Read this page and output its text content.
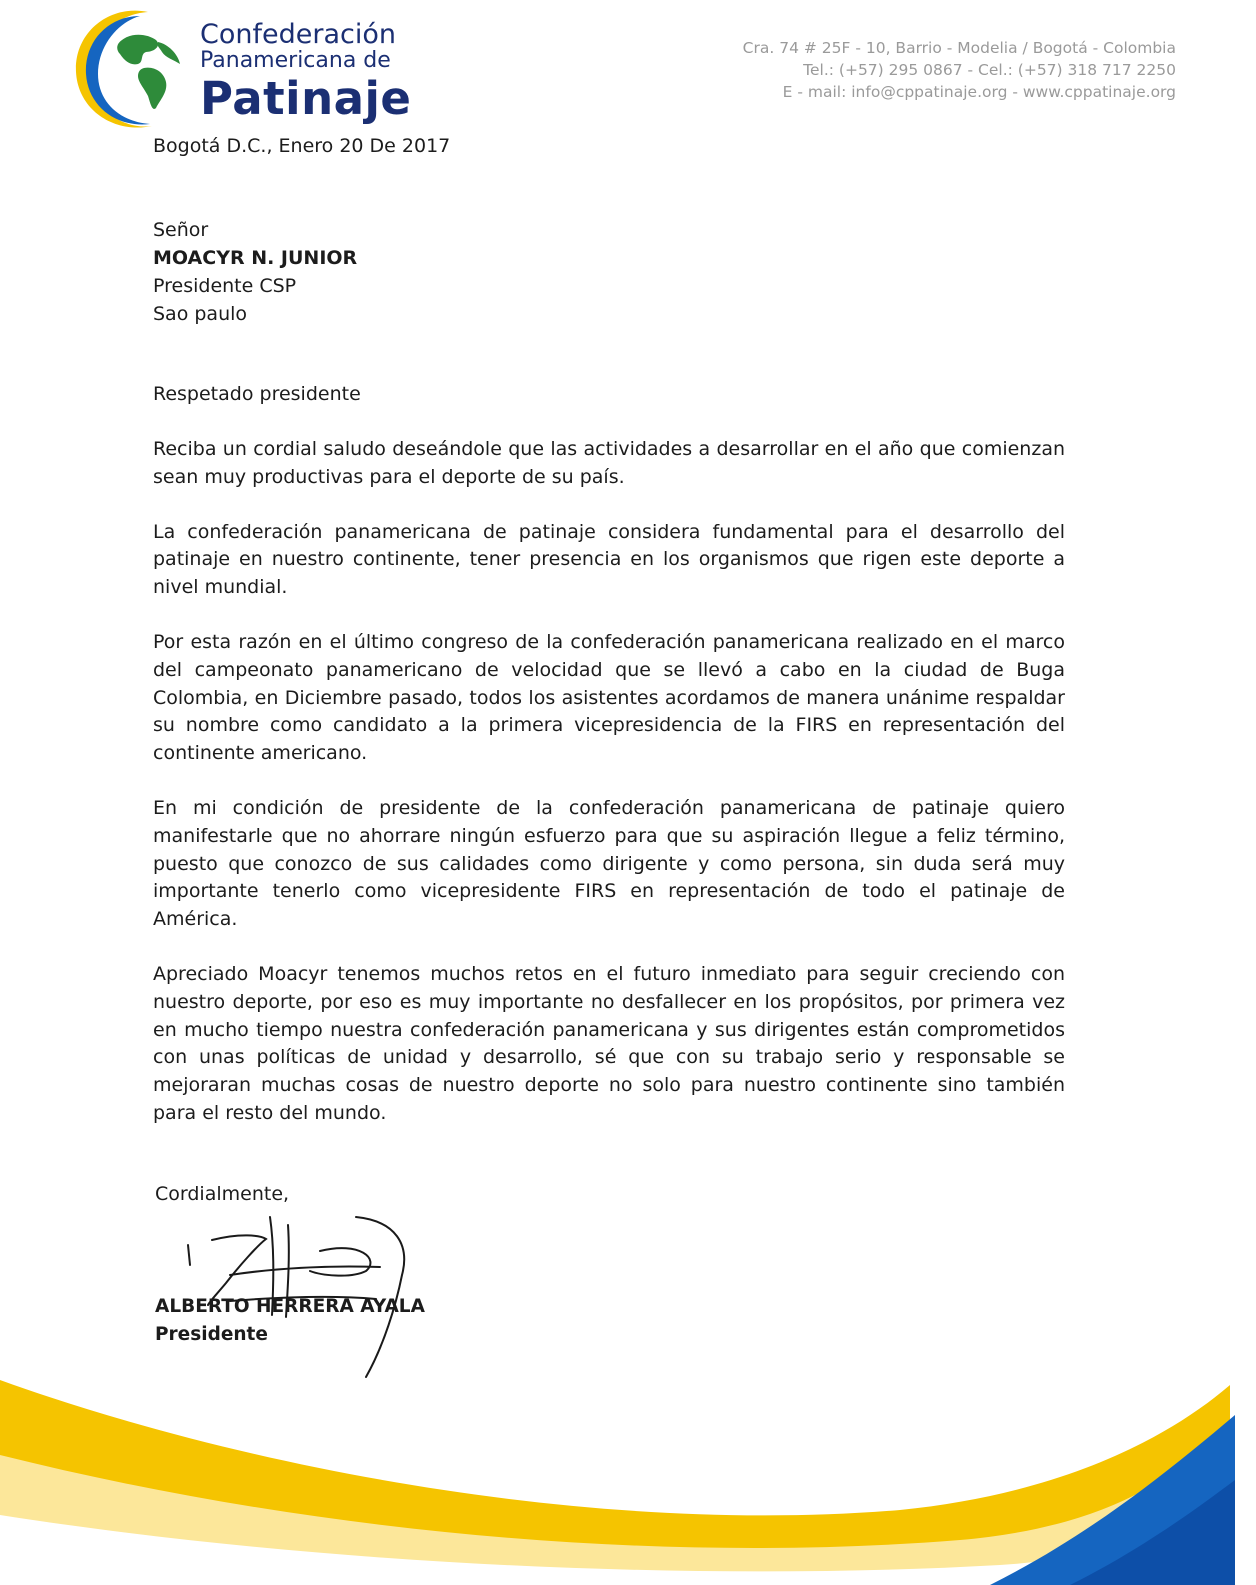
Confederación
Panamericana de
Patinaje
Cra. 74 # 25F - 10, Barrio - Modelia / Bogotá - Colombia
Tel.: (+57) 295 0867 - Cel.: (+57) 318 717 2250
E - mail: info@cppatinaje.org - www.cppatinaje.org
Bogotá D.C., Enero 20 De 2017
Señor
MOACYR N. JUNIOR
Presidente CSP
Sao paulo
Respetado presidente

Reciba un cordial saludo deseándole que las actividades a desarrollar en el año que comienzan sean muy productivas para el deporte de su país.

La confederación panamericana de patinaje considera fundamental para el desarrollo del patinaje en nuestro continente, tener presencia en los organismos que rigen este deporte a nivel mundial.

Por esta razón en el último congreso de la confederación panamericana realizado en el marco del campeonato panamericano de velocidad que se llevó a cabo en la ciudad de Buga Colombia, en Diciembre pasado, todos los asistentes acordamos de manera unánime respaldar su nombre como candidato a la primera vicepresidencia de la FIRS en representación del continente americano.

En mi condición de presidente de la confederación panamericana de patinaje quiero manifestarle que no ahorrare ningún esfuerzo para que su aspiración llegue a feliz término, puesto que conozco de sus calidades como dirigente y como persona, sin duda será muy importante tenerlo como vicepresidente FIRS en representación de todo el patinaje de América.

Apreciado Moacyr tenemos muchos retos en el futuro inmediato para seguir creciendo con nuestro deporte, por eso es muy importante no desfallecer en los propósitos, por primera vez en mucho tiempo nuestra confederación panamericana y sus dirigentes están comprometidos con unas políticas de unidad y desarrollo, sé que con su trabajo serio y responsable se mejoraran muchas cosas de nuestro deporte no solo para nuestro continente sino también para el resto del mundo.

Cordialmente,
ALBERTO HERRERA AYALA
Presidente
